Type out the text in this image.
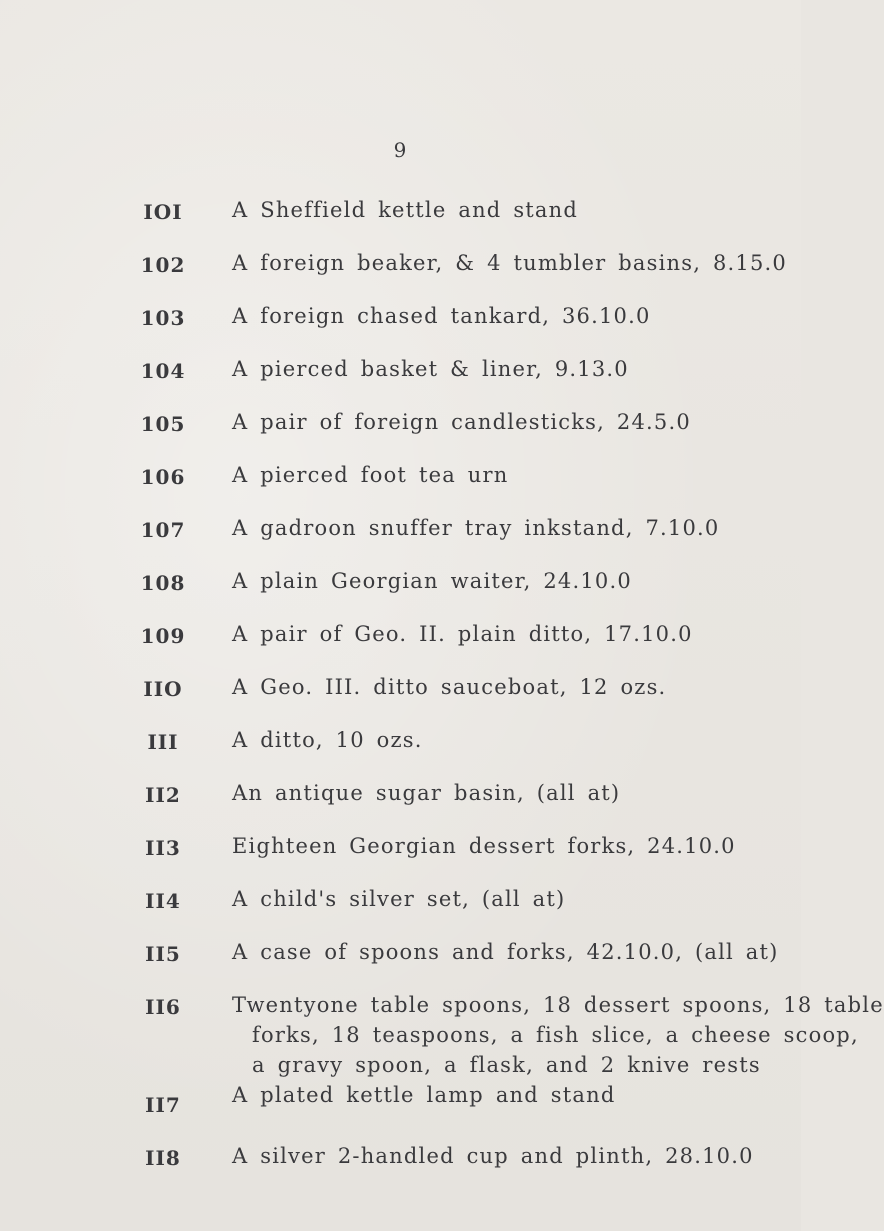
9
IOI	A Sheffield kettle and stand
102	A foreign beaker, & 4 tumbler basins, 8.15.0
103	A foreign chased tankard, 36.10.0
104	A pierced basket & liner, 9.13.0
105	A pair of foreign candlesticks, 24.5.0
106	A pierced foot tea urn
107	A gadroon snuffer tray inkstand, 7.10.0
108	A plain Georgian waiter, 24.10.0
109	A pair of Geo. II. plain ditto, 17.10.0
IIO	A Geo. III. ditto sauceboat, 12 ozs.
III	A ditto, 10 ozs.
II2	An antique sugar basin, (all at)
II3	Eighteen Georgian dessert forks, 24.10.0
II4	A child's silver set, (all at)
II5	A case of spoons and forks, 42.10.0, (all at)
II6	Twentyone table spoons, 18 dessert spoons, 18 table
forks, 18 teaspoons, a fish slice, a cheese scoop,
a gravy spoon, a flask, and 2 knive rests
II7	A plated kettle lamp and stand
II8	A silver 2-handled cup and plinth, 28.10.0
